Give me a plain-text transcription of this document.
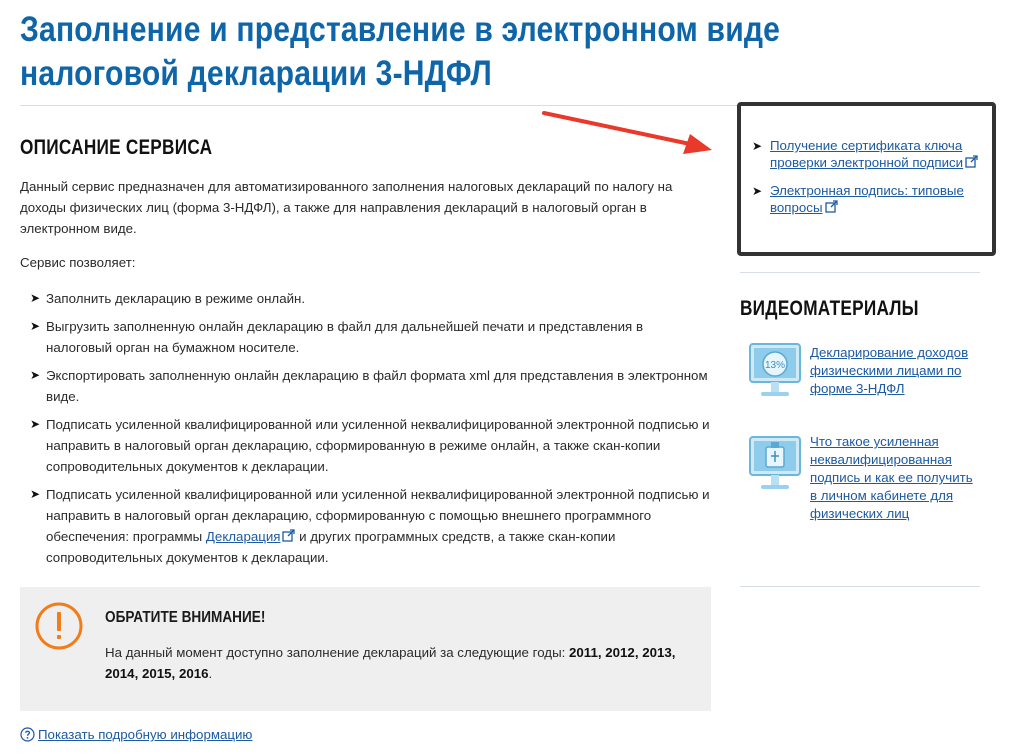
Заполнение и представление в электронном виде налоговой декларации 3-НДФЛ
ОПИСАНИЕ СЕРВИСА

Данный сервис предназначен для автоматизированного заполнения налоговых деклараций по налогу на доходы физических лиц (форма 3-НДФЛ), а также для направления деклараций в налоговый орган в электронном виде.

Сервис позволяет:

➤ Заполнить декларацию в режиме онлайн.
➤ Выгрузить заполненную онлайн декларацию в файл для дальнейшей печати и представления в налоговый орган на бумажном носителе.
➤ Экспортировать заполненную онлайн декларацию в файл формата xml для представления в электронном виде.
➤ Подписать усиленной квалифицированной или усиленной неквалифицированной электронной подписью и направить в налоговый орган декларацию, сформированную в режиме онлайн, а также скан-копии сопроводительных документов к декларации.
➤ Подписать усиленной квалифицированной или усиленной неквалифицированной электронной подписью и направить в налоговый орган декларацию, сформированную с помощью внешнего программного обеспечения: программы Декларация и других программных средств, а также скан-копии сопроводительных документов к декларации.
ОБРАТИТЕ ВНИМАНИЕ!
На данный момент доступно заполнение деклараций за следующие годы: 2011, 2012, 2013, 2014, 2015, 2016.
Показать подробную информацию
➤ Получение сертификата ключа проверки электронной подписи
➤ Электронная подпись: типовые вопросы
ВИДЕОМАТЕРИАЛЫ
13%
Декларирование доходов физическими лицами по форме 3-НДФЛ
Что такое усиленная неквалифицированная подпись и как ее получить в личном кабинете для физических лиц
